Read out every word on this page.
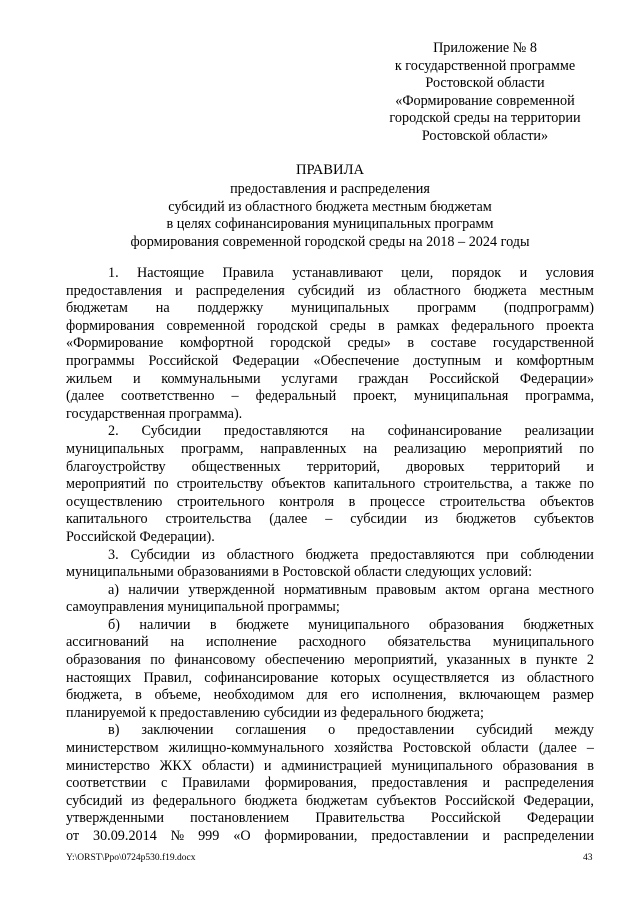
Приложение № 8
к государственной программе
Ростовской области
«Формирование современной
городской среды на территории
Ростовской области»
ПРАВИЛА
предоставления и распределения
субсидий из областного бюджета местным бюджетам
в целях софинансирования муниципальных программ
формирования современной городской среды на 2018 – 2024 годы
1. Настоящие Правила устанавливают цели, порядок и условия
предоставления и распределения субсидий из областного бюджета местным
бюджетам на поддержку муниципальных программ (подпрограмм)
формирования современной городской среды в рамках федерального проекта
«Формирование комфортной городской среды» в составе государственной
программы Российской Федерации «Обеспечение доступным и комфортным
жильем и коммунальными услугами граждан Российской Федерации»
(далее соответственно – федеральный проект, муниципальная программа,
государственная программа).
2. Субсидии предоставляются на софинансирование реализации
муниципальных программ, направленных на реализацию мероприятий по
благоустройству общественных территорий, дворовых территорий и
мероприятий по строительству объектов капитального строительства, а также по
осуществлению строительного контроля в процессе строительства объектов
капитального строительства (далее – субсидии из бюджетов субъектов
Российской Федерации).
3. Субсидии из областного бюджета предоставляются при соблюдении
муниципальными образованиями в Ростовской области следующих условий:
а) наличии утвержденной нормативным правовым актом органа местного
самоуправления муниципальной программы;
б) наличии в бюджете муниципального образования бюджетных
ассигнований на исполнение расходного обязательства муниципального
образования по финансовому обеспечению мероприятий, указанных в пункте 2
настоящих Правил, софинансирование которых осуществляется из областного
бюджета, в объеме, необходимом для его исполнения, включающем размер
планируемой к предоставлению субсидии из федерального бюджета;
в) заключении соглашения о предоставлении субсидий между
министерством жилищно-коммунального хозяйства Ростовской области (далее –
министерство ЖКХ области) и администрацией муниципального образования в
соответствии с Правилами формирования, предоставления и распределения
субсидий из федерального бюджета бюджетам субъектов Российской Федерации,
утвержденными постановлением Правительства Российской Федерации
от 30.09.2014 № 999 «О формировании, предоставлении и распределении
Y:\ORST\Ppo\0724p530.f19.docx	43
